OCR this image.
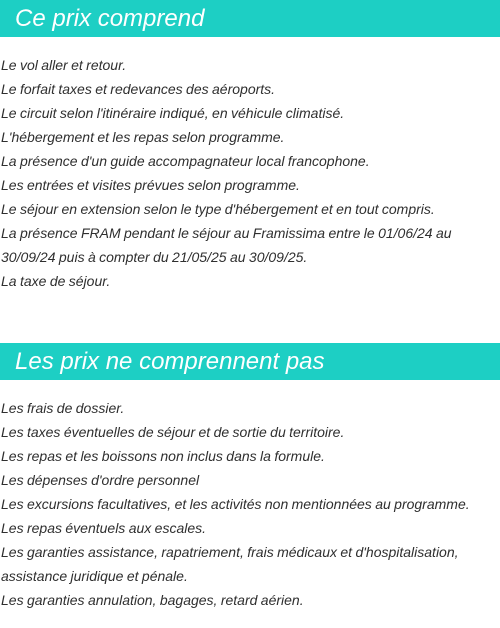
Ce prix comprend
Le vol aller et retour.
Le forfait taxes et redevances des aéroports.
Le circuit selon l'itinéraire indiqué, en véhicule climatisé.
L'hébergement et les repas selon programme.
La présence d'un guide accompagnateur local francophone.
Les entrées et visites prévues selon programme.
Le séjour en extension selon le type d'hébergement et en tout compris.
La présence FRAM pendant le séjour au Framissima entre le 01/06/24 au 30/09/24 puis à compter du 21/05/25 au 30/09/25.
La taxe de séjour.
Les prix ne comprennent pas
Les frais de dossier.
Les taxes éventuelles de séjour et de sortie du territoire.
Les repas et les boissons non inclus dans la formule.
Les dépenses d'ordre personnel
Les excursions facultatives, et les activités non mentionnées au programme.
Les repas éventuels aux escales.
Les garanties assistance, rapatriement, frais médicaux et d'hospitalisation, assistance juridique et pénale.
Les garanties annulation, bagages, retard aérien.
